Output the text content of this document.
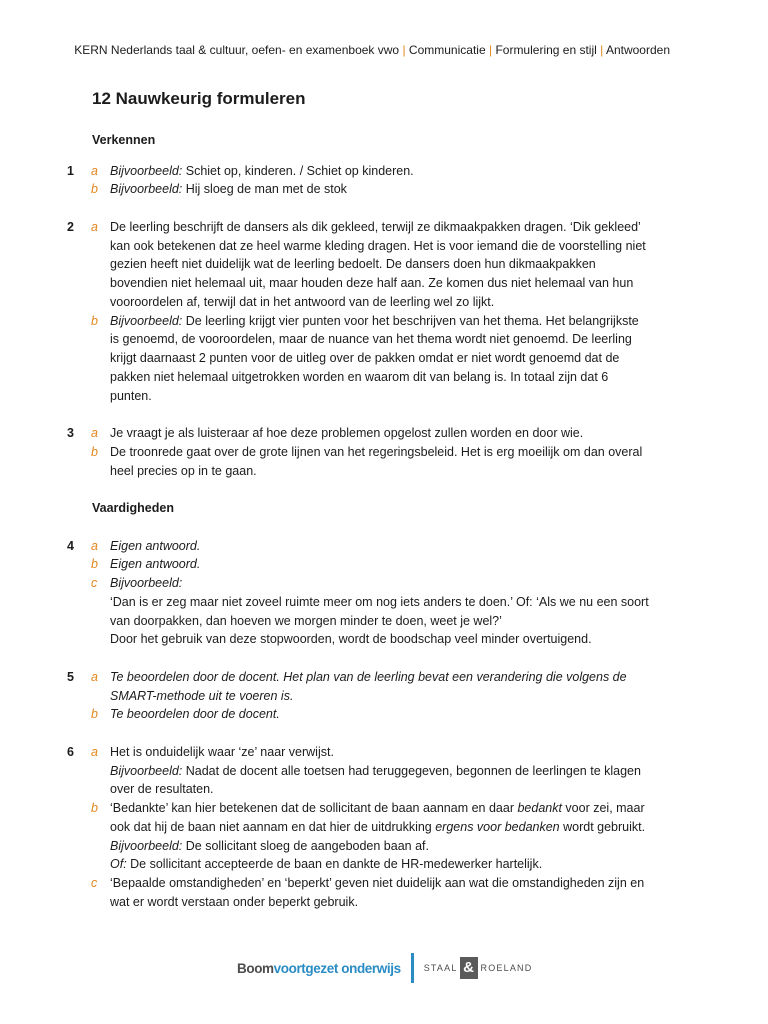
KERN Nederlands taal & cultuur, oefen- en examenboek vwo | Communicatie | Formulering en stijl | Antwoorden
12 Nauwkeurig formuleren
Verkennen
1 a Bijvoorbeeld: Schiet op, kinderen. / Schiet op kinderen.
b Bijvoorbeeld: Hij sloeg de man met de stok
2 a De leerling beschrijft de dansers als dik gekleed, terwijl ze dikmaakpakken dragen. ‘Dik gekleed’
kan ook betekenen dat ze heel warme kleding dragen. Het is voor iemand die de voorstelling niet
gezien heeft niet duidelijk wat de leerling bedoelt. De dansers doen hun dikmaakpakken
bovendien niet helemaal uit, maar houden deze half aan. Ze komen dus niet helemaal van hun
vooroordelen af, terwijl dat in het antwoord van de leerling wel zo lijkt.
b Bijvoorbeeld: De leerling krijgt vier punten voor het beschrijven van het thema. Het belangrijkste
is genoemd, de vooroordelen, maar de nuance van het thema wordt niet genoemd. De leerling
krijgt daarnaast 2 punten voor de uitleg over de pakken omdat er niet wordt genoemd dat de
pakken niet helemaal uitgetrokken worden en waarom dit van belang is. In totaal zijn dat 6
punten.
3 a Je vraagt je als luisteraar af hoe deze problemen opgelost zullen worden en door wie.
b De troonrede gaat over de grote lijnen van het regeringsbeleid. Het is erg moeilijk om dan overal
heel precies op in te gaan.
Vaardigheden
4 a Eigen antwoord.
b Eigen antwoord.
c Bijvoorbeeld:
‘Dan is er zeg maar niet zoveel ruimte meer om nog iets anders te doen.’ Of: ‘Als we nu een soort
van doorpakken, dan hoeven we morgen minder te doen, weet je wel?’
Door het gebruik van deze stopwoorden, wordt de boodschap veel minder overtuigend.
5 a Te beoordelen door de docent. Het plan van de leerling bevat een verandering die volgens de
SMART-methode uit te voeren is.
b Te beoordelen door de docent.
6 a Het is onduidelijk waar ‘ze’ naar verwijst.
Bijvoorbeeld: Nadat de docent alle toetsen had teruggegeven, begonnen de leerlingen te klagen
over de resultaten.
b ‘Bedankte’ kan hier betekenen dat de sollicitant de baan aannam en daar bedankt voor zei, maar
ook dat hij de baan niet aannam en dat hier de uitdrukking ergens voor bedanken wordt gebruikt.
Bijvoorbeeld: De sollicitant sloeg de aangeboden baan af.
Of: De sollicitant accepteerde de baan en dankte de HR-medewerker hartelijk.
c ‘Bepaalde omstandigheden’ en ‘beperkt’ geven niet duidelijk aan wat die omstandigheden zijn en
wat er wordt verstaan onder beperkt gebruik.
Boomvoortgezet onderwijs	STAAL & ROELAND
